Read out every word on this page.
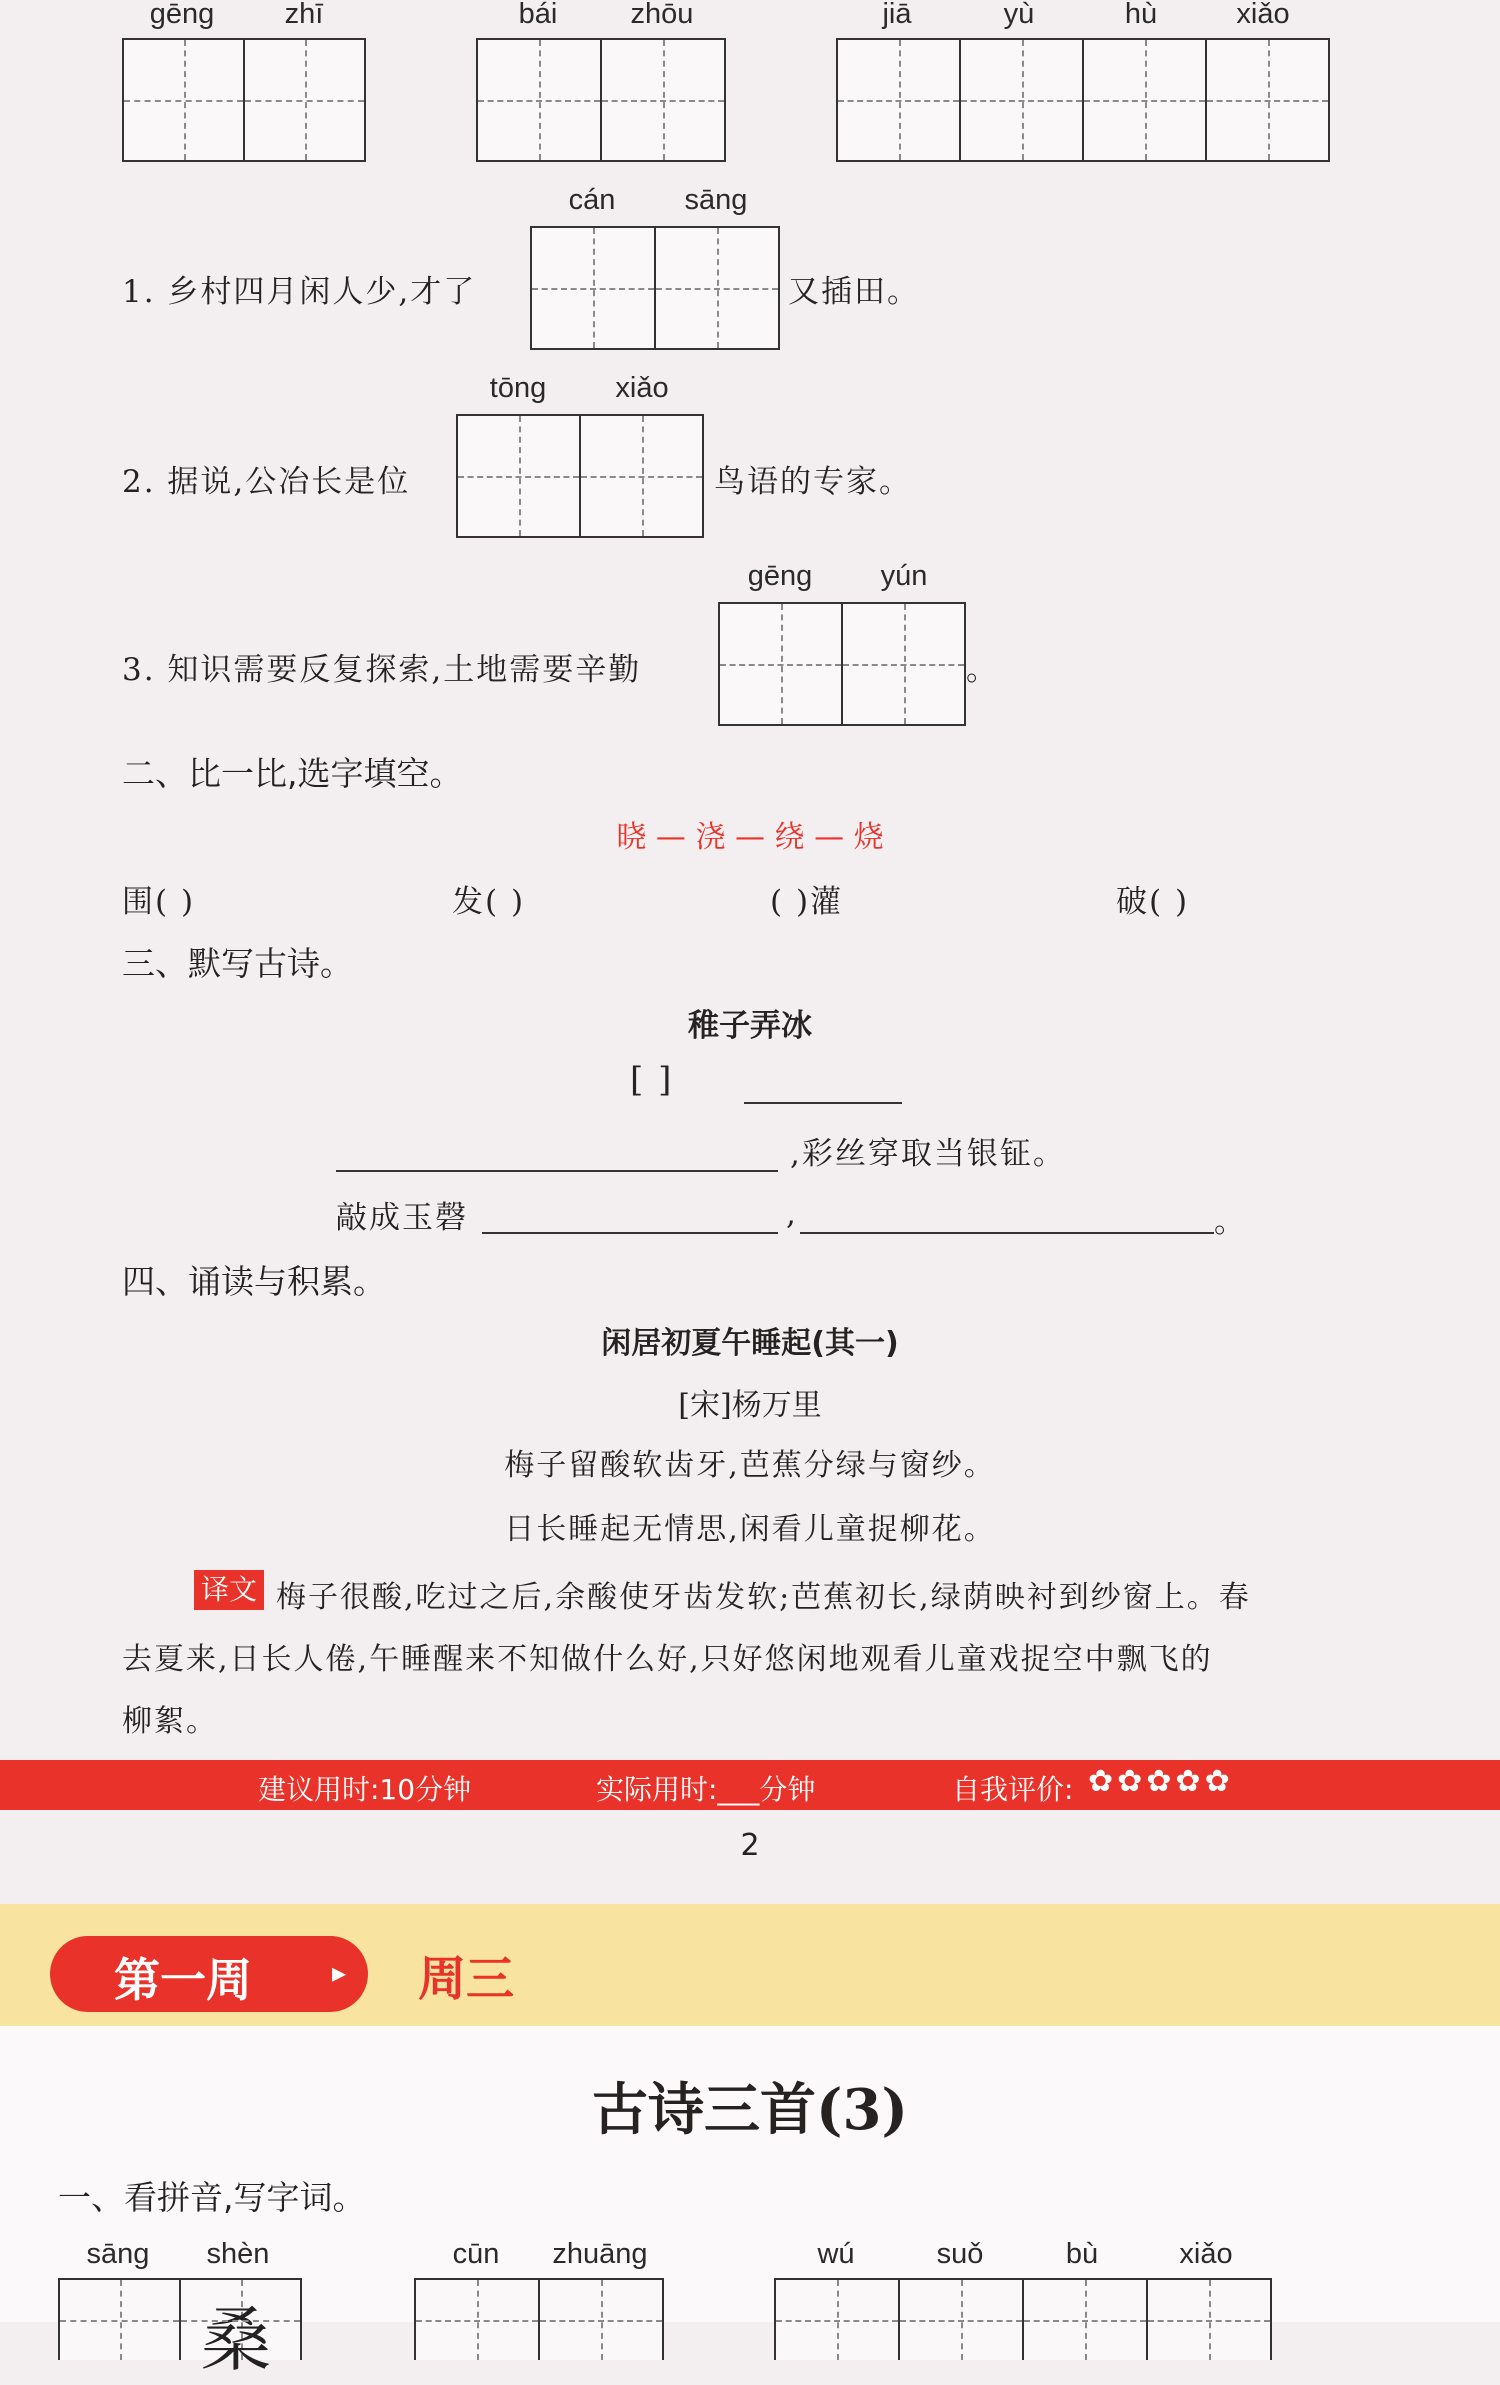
gēng	zhī	bái	zhōu	jiā	yù	hù	xiǎo
cán	sāng
1. 乡村四月闲人少,才了	又插田。
tōng	xiǎo
2. 据说,公冶长是位	鸟语的专家。
gēng	yún
3. 知识需要反复探索,土地需要辛勤	。
二、比一比,选字填空。
晓 — 浇 — 绕 — 烧
围( )	发( )	( )灌	破( )
三、默写古诗。
稚子弄冰
[ ]
,彩丝穿取当银钲。
敲成玉磬	,	。
四、诵读与积累。
闲居初夏午睡起(其一)
[宋]杨万里
梅子留酸软齿牙,芭蕉分绿与窗纱。
日长睡起无情思,闲看儿童捉柳花。
译文 梅子很酸,吃过之后,余酸使牙齿发软;芭蕉初长,绿荫映衬到纱窗上。春
去夏来,日长人倦,午睡醒来不知做什么好,只好悠闲地观看儿童戏捉空中飘飞的
柳絮。
建议用时:10分钟	实际用时:___分钟	自我评价: ✿ ✿ ✿ ✿ ✿
2
第一周	▸ 周三
古诗三首(3)
一、看拼音,写字词。
sāng	shèn
桑
cūn	zhuāng	wú	suǒ	bù	xiǎo
